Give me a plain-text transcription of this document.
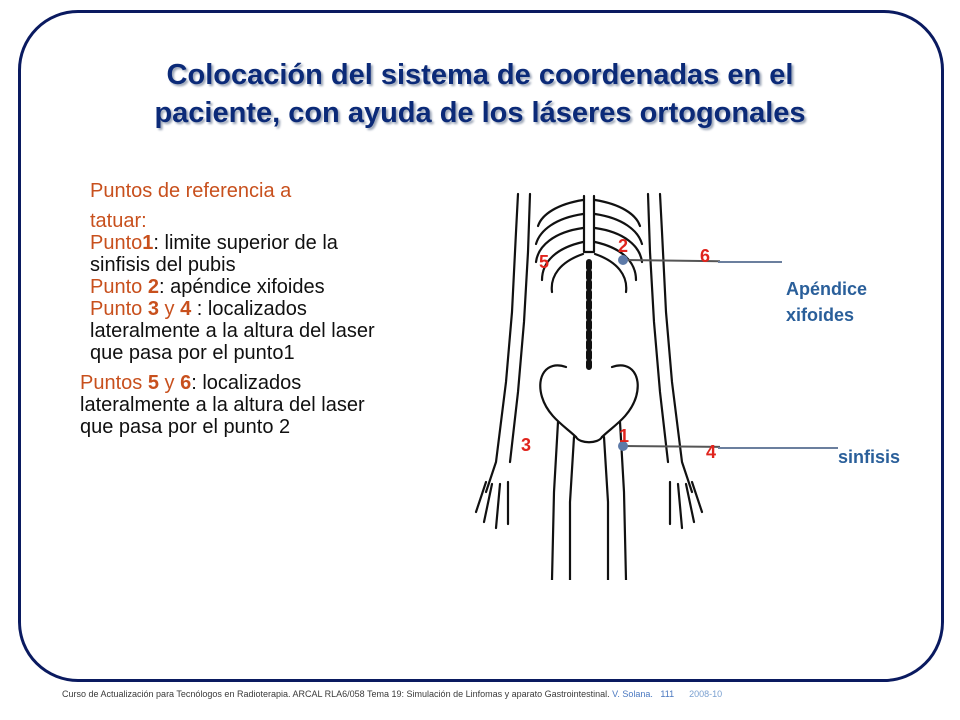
Colocación del sistema de coordenadas en el
paciente, con ayuda de los láseres ortogonales
Puntos de referencia a
tatuar:
Punto1: limite superior de la sinfisis del pubis
Punto 2: apéndice xifoides
Punto 3 y 4 : localizados lateralmente a la altura del laser que pasa por el punto1
Puntos 5 y 6: localizados lateralmente a la altura del laser que pasa por el punto 2
2	6
5
1
3	4
Apéndice
xifoides
sinfisis
Curso de Actualización para Tecnólogos en Radioterapia. ARCAL RLA6/058 Tema 19: Simulación de Linfomas y aparato Gastrointestinal. V. Solana. 111 2008-10
